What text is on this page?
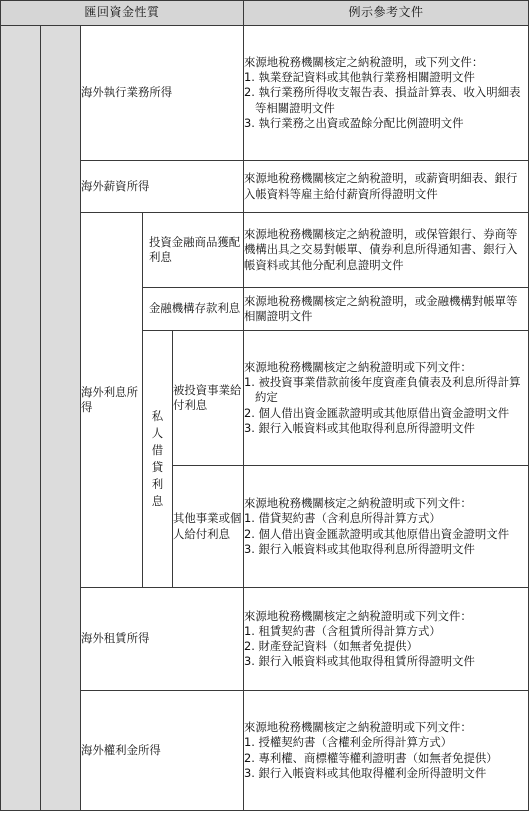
匯回資金性質					例示參考文件
		海外執行業務所得			來源地稅務機關核定之納稅證明，或下列文件：
1. 執業登記資料或其他執行業務相關證明文件
2. 執行業務所得收支報告表、損益計算表、收入明細表等相關證明文件
3. 執行業務之出資或盈餘分配比例證明文件

		海外薪資所得			來源地稅務機關核定之納稅證明，或薪資明細表、銀行入帳資料等雇主給付薪資所得證明文件
		海外利息所得	投資金融商品獲配利息		來源地稅務機關核定之納稅證明，或保管銀行、券商等機構出具之交易對帳單、債券利息所得通知書、銀行入帳資料或其他分配利息證明文件
			金融機構存款利息		來源地稅務機關核定之納稅證明，或金融機構對帳單等相關證明文件
			私人借貸利息	被投資事業給付利息	來源地稅務機關核定之納稅證明或下列文件：
1. 被投資事業借款前後年度資產負債表及利息所得計算約定
2. 個人借出資金匯款證明或其他原借出資金證明文件
3. 銀行入帳資料或其他取得利息所得證明文件

				其他事業或個人給付利息	來源地稅務機關核定之納稅證明或下列文件：
1. 借貸契約書（含利息所得計算方式）
2. 個人借出資金匯款證明或其他原借出資金證明文件
3. 銀行入帳資料或其他取得利息所得證明文件

		海外租賃所得			來源地稅務機關核定之納稅證明或下列文件：
1. 租賃契約書（含租賃所得計算方式）
2. 財產登記資料（如無者免提供）
3. 銀行入帳資料或其他取得租賃所得證明文件

		海外權利金所得			來源地稅務機關核定之納稅證明或下列文件：
1. 授權契約書（含權利金所得計算方式）
2. 專利權、商標權等權利證明書（如無者免提供）
3. 銀行入帳資料或其他取得權利金所得證明文件
